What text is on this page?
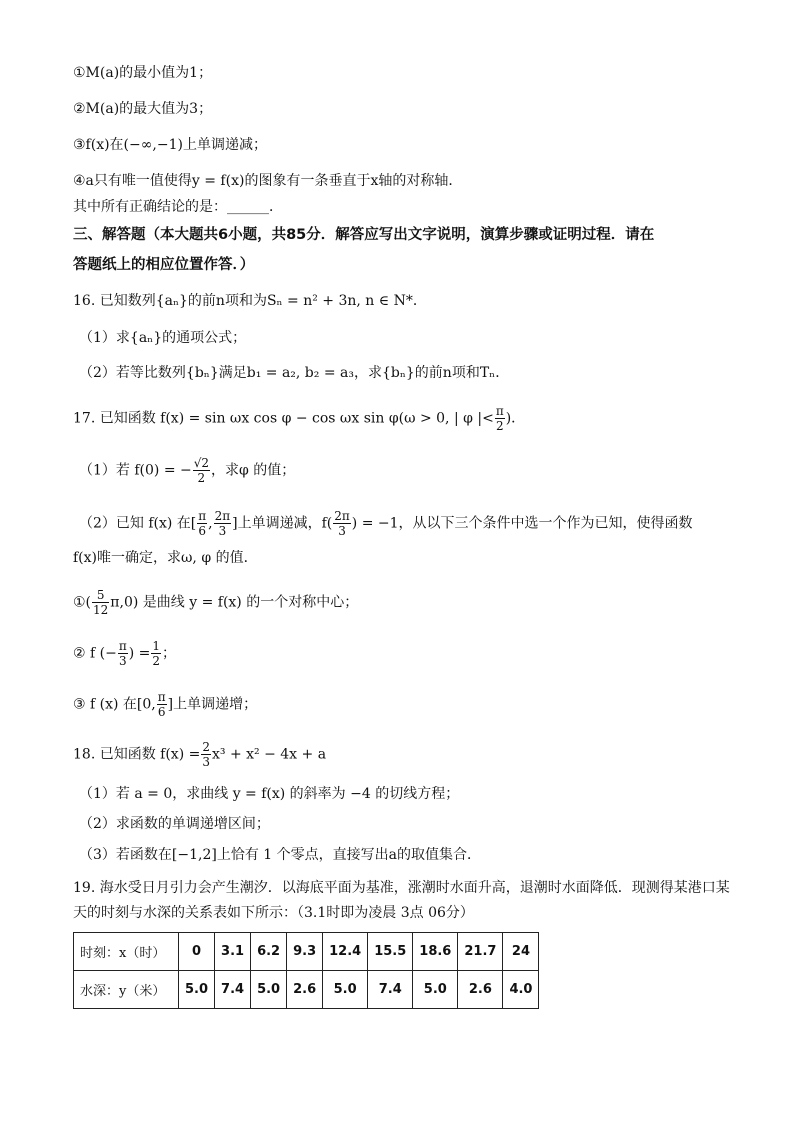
①M(a)的最小值为1；
②M(a)的最大值为3；
③f(x)在(−∞,−1)上单调递减；
④a只有唯一值使得y = f(x)的图象有一条垂直于x轴的对称轴．
其中所有正确结论的是：______．
三、解答题（本大题共6小题，共85分．解答应写出文字说明，演算步骤或证明过程．请在
答题纸上的相应位置作答．）
16. 已知数列{aₙ}的前n项和为Sₙ = n² + 3n, n ∈ N*．
（1）求{aₙ}的通项公式；
（2）若等比数列{bₙ}满足b₁ = a₂, b₂ = a₃，求{bₙ}的前n项和Tₙ．
17. 已知函数 f(x) = sin ωx cos φ − cos ωx sin φ(ω > 0, | φ |< $\frac{\pi}{2}$ )．
（1）若 f(0) = − $\frac{√2}{2}$ ，求φ 的值；
（2）已知 f(x) 在[ $\frac{\pi}{6}$ , $\frac{2\pi}{3}$ ]上单调递减，$f( \frac{2\pi}{3}$ ) = −1，从以下三个条件中选一个作为已知，使得函数
f(x)唯一确定，求ω, φ 的值．
①( $\frac{5}{12} \pi,0$) 是曲线 y = f(x) 的一个对称中心；
② f (− $\frac{\pi}{3}$ ) = $\frac{1}{2}$ ；
③ f (x) 在[0, $\frac{\pi}{6}$ ]上单调递增；
18. 已知函数 $f(x) = \frac{2}{3} x^3 + x^2 - 4x + a$
（1）若 a = 0，求曲线 y = f(x) 的斜率为 −4 的切线方程；
（2）求函数的单调递增区间；
（3）若函数在[−1,2]上恰有 1 个零点，直接写出a的取值集合．
19. 海水受日月引力会产生潮汐．以海底平面为基准，涨潮时水面升高，退潮时水面降低．现测得某港口某
天的时刻与水深的关系表如下所示：（3.1时即为凌晨 3点 06分）
时刻：x（时）	0	3.1	6.2	9.3	12.4	15.5	18.6	21.7	24
水深：y（米）	5.0	7.4	5.0	2.6	5.0	7.4	5.0	2.6	4.0
